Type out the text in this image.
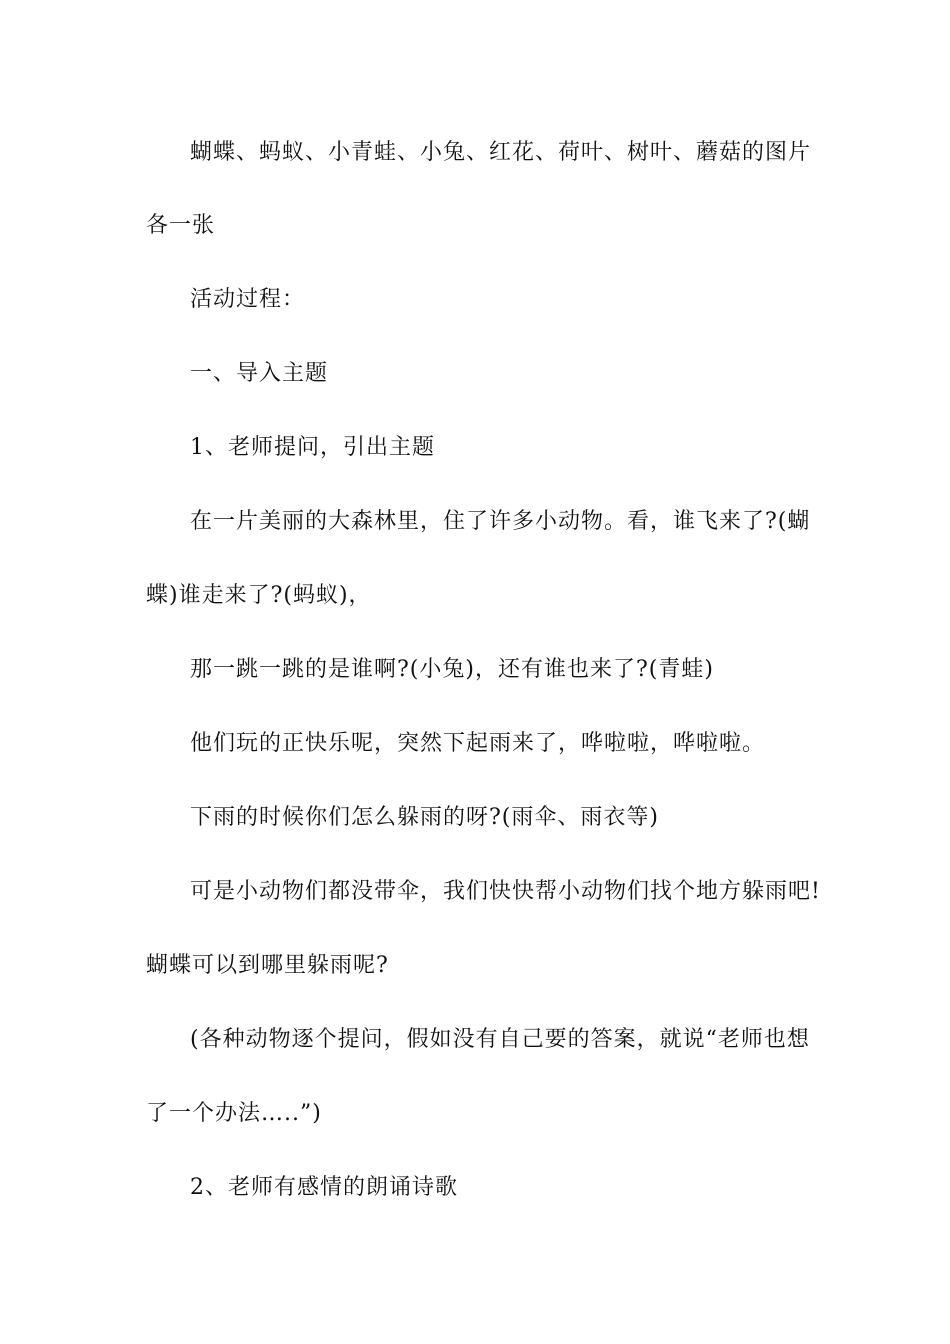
蝴蝶、蚂蚁、小青蛙、小兔、红花、荷叶、树叶、蘑菇的图片
各一张
活动过程：
一、导入主题
1、老师提问，引出主题
在一片美丽的大森林里，住了许多小动物。看，谁飞来了?(蝴
蝶)谁走来了?(蚂蚁)，
那一跳一跳的是谁啊?(小兔)，还有谁也来了?(青蛙)
他们玩的正快乐呢，突然下起雨来了，哗啦啦，哗啦啦。
下雨的时候你们怎么躲雨的呀?(雨伞、雨衣等)
可是小动物们都没带伞，我们快快帮小动物们找个地方躲雨吧!
蝴蝶可以到哪里躲雨呢?
(各种动物逐个提问，假如没有自己要的答案，就说“老师也想
了一个办法…..”)
2、老师有感情的朗诵诗歌
